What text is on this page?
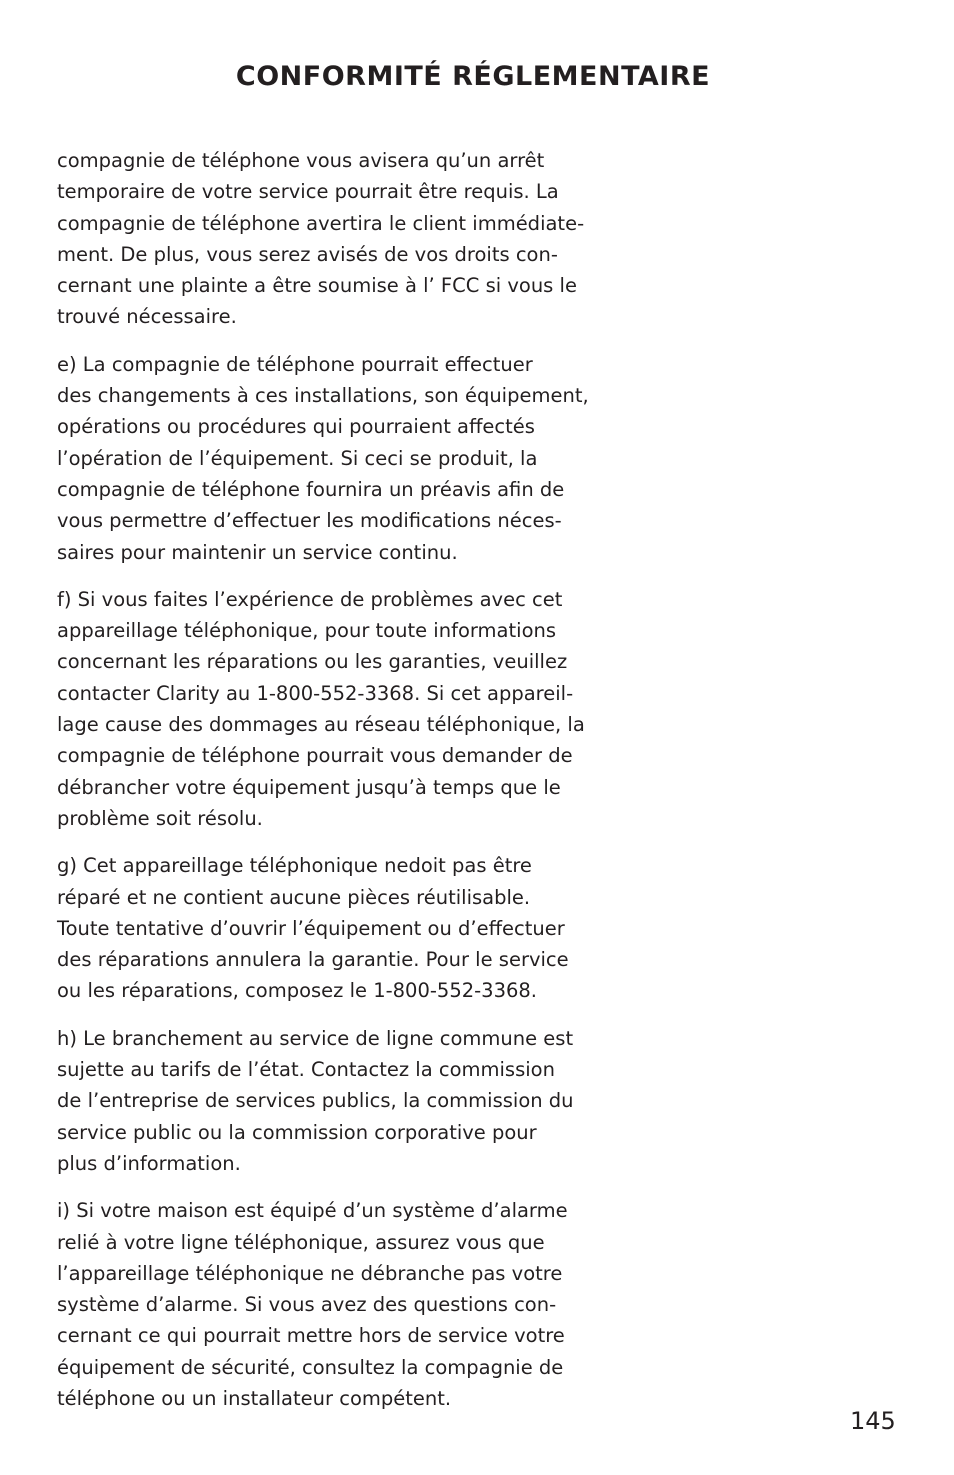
CONFORMITÉ RÉGLEMENTAIRE
compagnie de téléphone vous avisera qu’un arrêt
temporaire de votre service pourrait être requis. La
compagnie de téléphone avertira le client immédiate-
ment. De plus, vous serez avisés de vos droits con-
cernant une plainte a être soumise à l’ FCC si vous le
trouvé nécessaire.
e) La compagnie de téléphone pourrait effectuer
des changements à ces installations, son équipement,
opérations ou procédures qui pourraient affectés
l’opération de l’équipement. Si ceci se produit, la
compagnie de téléphone fournira un préavis afin de
vous permettre d’effectuer les modifications néces-
saires pour maintenir un service continu.
f) Si vous faites l’expérience de problèmes avec cet
appareillage téléphonique, pour toute informations
concernant les réparations ou les garanties, veuillez
contacter Clarity au 1-800-552-3368. Si cet appareil-
lage cause des dommages au réseau téléphonique, la
compagnie de téléphone pourrait vous demander de
débrancher votre équipement jusqu’à temps que le
problème soit résolu.
g) Cet appareillage téléphonique nedoit pas être
réparé et ne contient aucune pièces réutilisable.
Toute tentative d’ouvrir l’équipement ou d’effectuer
des réparations annulera la garantie. Pour le service
ou les réparations, composez le 1-800-552-3368.
h) Le branchement au service de ligne commune est
sujette au tarifs de l’état. Contactez la commission
de l’entreprise de services publics, la commission du
service public ou la commission corporative pour
plus d’information.
i) Si votre maison est équipé d’un système d’alarme
relié à votre ligne téléphonique, assurez vous que
l’appareillage téléphonique ne débranche pas votre
système d’alarme. Si vous avez des questions con-
cernant ce qui pourrait mettre hors de service votre
équipement de sécurité, consultez la compagnie de
téléphone ou un installateur compétent.
145
